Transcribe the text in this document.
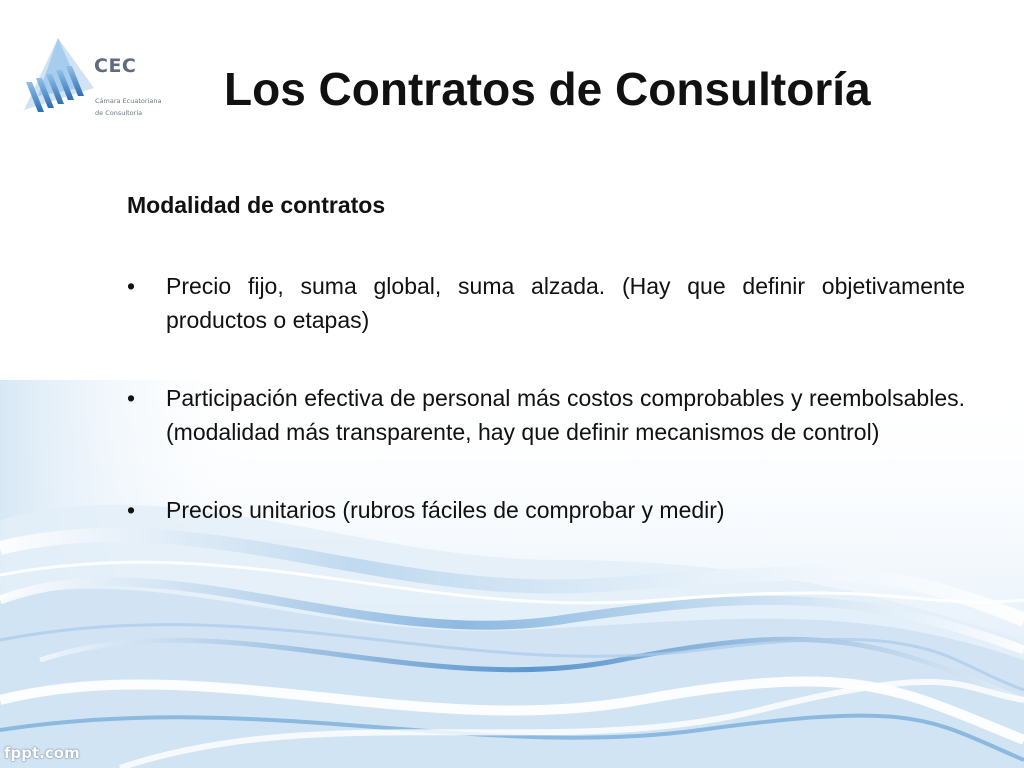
CEC
Cámara Ecuatoriana
de Consultoría	Los Contratos de Consultoría
Modalidad de contratos
• Precio fijo, suma global, suma alzada. (Hay que definir objetivamente productos o etapas)
• Participación efectiva de personal más costos comprobables y reembolsables. (modalidad más transparente, hay que definir mecanismos de control)
• Precios unitarios (rubros fáciles de comprobar y medir)
fppt.com
